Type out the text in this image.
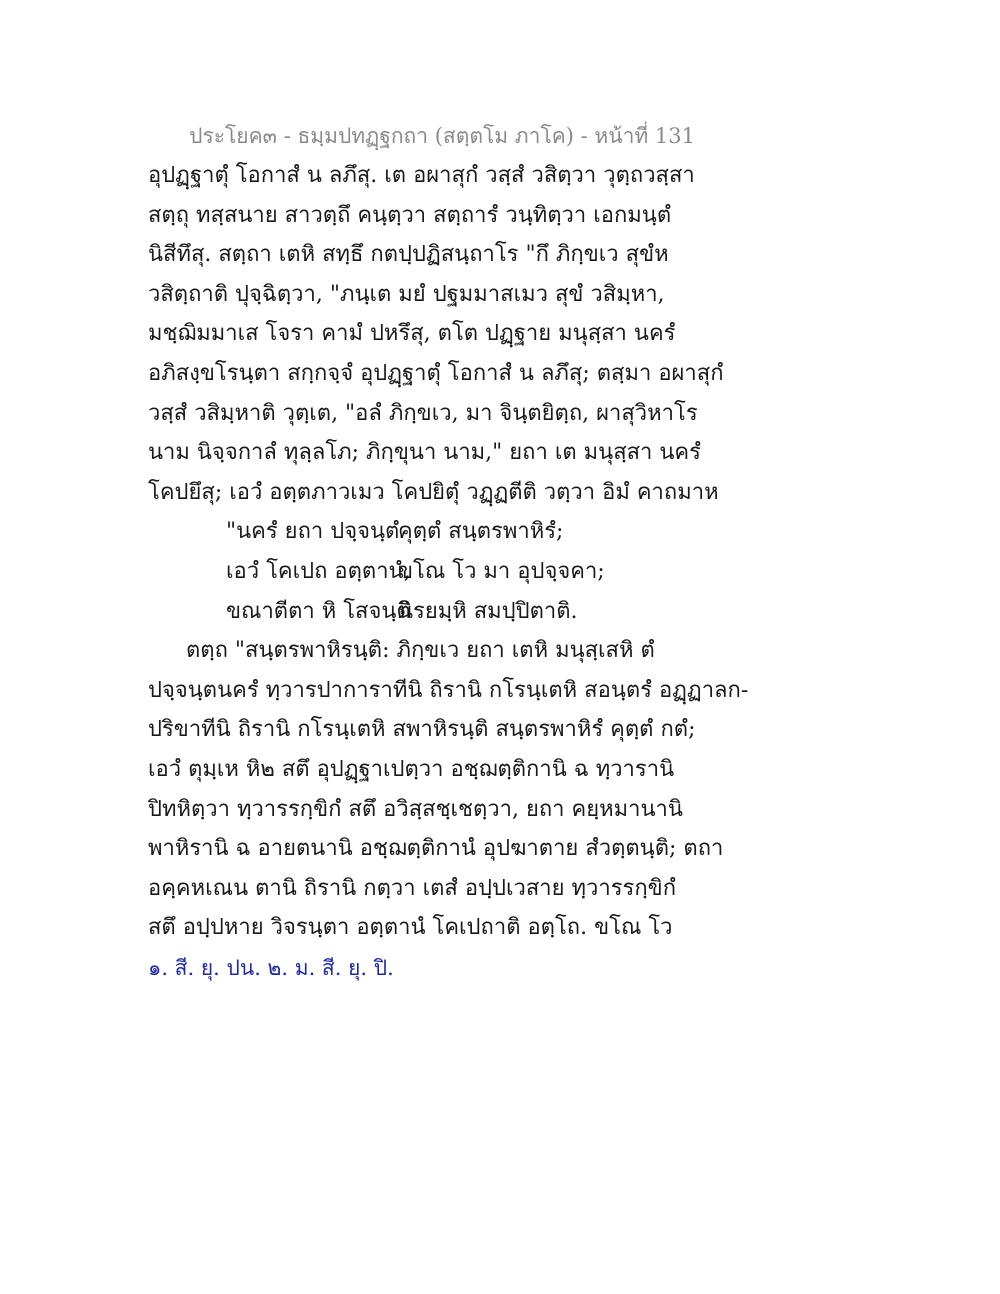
ประโยค๓ - ธมฺมปทฏฺฐกถา (สตฺตโม ภาโค) - หน้าที่ 131
อุปฏฺฐาตุํ โอกาสํ น ลภึสุ. เต อผาสุกํ วสฺสํ วสิตฺวา วุตฺถวสฺสา
สตฺถุ ทสฺสนาย สาวตฺถึ คนฺตฺวา สตฺถารํ วนฺทิตฺวา เอกมนฺตํ
นิสีทึสุ. สตฺถา เตหิ สทฺธึ กตปฺปฏิสนฺถาโร "กึ ภิกฺขเว สุขํห
วสิตฺถาติ ปุจฺฉิตฺวา, "ภนฺเต มยํ ปฐมมาสเมว สุขํ วสิมฺหา,
มชฺฌิมมาเส โจรา คามํ ปหรึสุ, ตโต ปฏฺฐาย มนุสฺสา นครํ
อภิสงฺขโรนฺตา สกฺกจฺจํ อุปฏฺฐาตุํ โอกาสํ น ลภึสุ; ตสฺมา อผาสุกํ
วสฺสํ วสิมฺหาติ วุตฺเต, "อลํ ภิกฺขเว, มา จินฺตยิตฺถ, ผาสุวิหาโร
นาม นิจฺจกาลํ ทุลฺลโภ; ภิกฺขุนา นาม," ยถา เต มนุสฺสา นครํ
โคปยึสุ; เอวํ อตฺตภาวเมว โคปยิตุํ วฏฺฏตีติ วตฺวา อิมํ คาถมาห
"นครํ ยถา ปจฺจนฺตํคุตฺตํ สนฺตรพาหิรํ;
เอวํ โคเปถ อตฺตานํ,ขโณ โว มา อุปจฺจคา;
ขณาตีตา หิ โสจนฺตินิรยมฺหิ สมปฺปิตาติ.
ตตฺถ "สนฺตรพาหิรนฺติ: ภิกฺขเว ยถา เตหิ มนุสฺเสหิ ตํ
ปจฺจนฺตนครํ ทฺวารปาการาทีนิ ถิรานิ กโรนฺเตหิ สอนฺตรํ อฏฺฏาลก-
ปริขาทีนิ ถิรานิ กโรนฺเตหิ สพาหิรนฺติ สนฺตรพาหิรํ คุตฺตํ กตํ;
เอวํ ตุมฺเห หิ๒ สตึ อุปฏฺฐาเปตฺวา อชฺฌตฺติกานิ ฉ ทฺวารานิ
ปิทหิตฺวา ทฺวารรกฺขิกํ สตึ อวิสฺสชฺเชตฺวา, ยถา คยฺหมานานิ
พาหิรานิ ฉ อายตนานิ อชฺฌตฺติกานํ อุปฆาตาย สํวตฺตนฺติ; ตถา
อคฺคหเณน ตานิ ถิรานิ กตฺวา เตสํ อปฺปเวสาย ทฺวารรกฺขิกํ
สตึ อปฺปหาย วิจรนฺตา อตฺตานํ โคเปถาติ อตฺโถ. ขโณ โว
๑. สี. ยุ. ปน. ๒. ม. สี. ยุ. ปิ.
